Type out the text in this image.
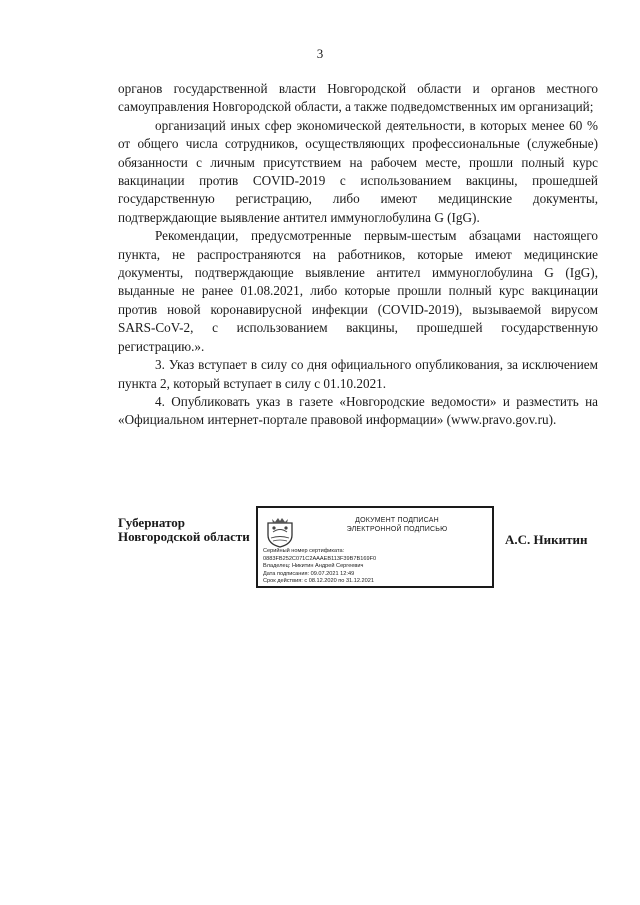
3

органов государственной власти Новгородской области и органов местного самоуправления Новгородской области, а также подведомственных им организаций;

организаций иных сфер экономической деятельности, в которых менее 60 % от общего числа сотрудников, осуществляющих профессиональные (служебные) обязанности с личным присутствием на рабочем месте, прошли полный курс вакцинации против COVID-2019 с использованием вакцины, прошедшей государственную регистрацию, либо имеют медицинские документы, подтверждающие выявление антител иммуноглобулина G (IgG).

Рекомендации, предусмотренные первым-шестым абзацами настоящего пункта, не распространяются на работников, которые имеют медицинские документы, подтверждающие выявление антител иммуноглобулина G (IgG), выданные не ранее 01.08.2021, либо которые прошли полный курс вакцинации против новой коронавирусной инфекции (COVID-2019), вызываемой вирусом SARS-CoV-2, с использованием вакцины, прошедшей государственную регистрацию.».

3. Указ вступает в силу со дня официального опубликования, за исключением пункта 2, который вступает в силу с 01.10.2021.

4. Опубликовать указ в газете «Новгородские ведомости» и разместить на «Официальном интернет-портале правовой информации» (www.pravo.gov.ru).

Губернатор
Новгородской области
ДОКУМЕНТ ПОДПИСАН
ЭЛЕКТРОННОЙ ПОДПИСЬЮ
Серийный номер сертификата:
0883FB252C071C2AAAEB113F39B7B169F0
Владелец: Никитин Андрей Сергеевич
Дата подписания: 09.07.2021 12:49
Срок действия: с 08.12.2020 по 31.12.2021
А.С. Никитин
